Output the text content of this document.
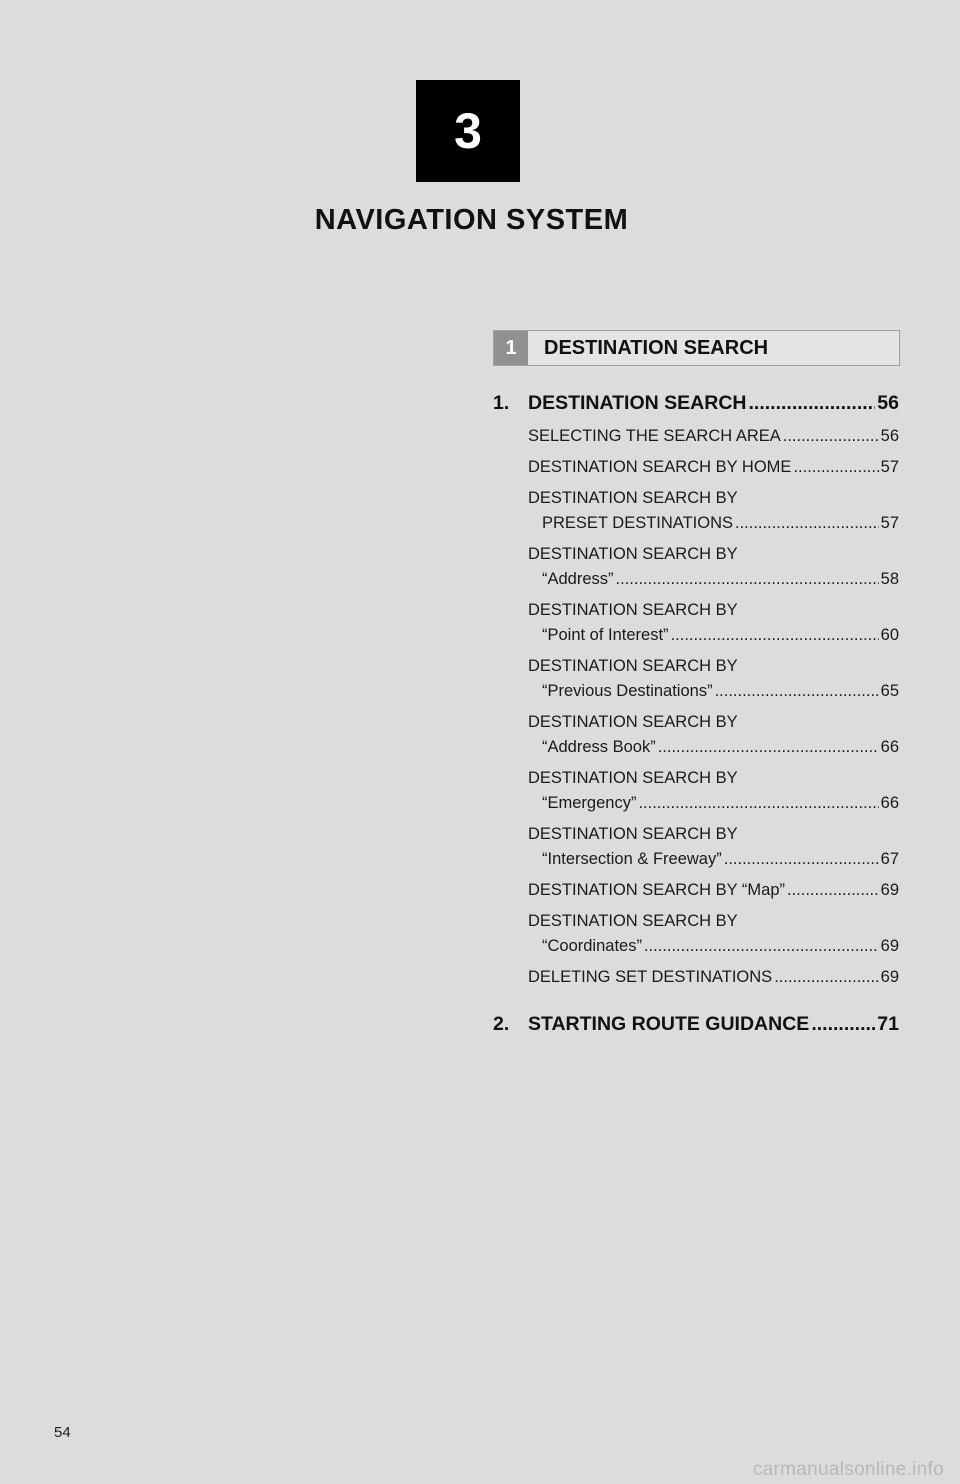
3
NAVIGATION SYSTEM
1	DESTINATION SEARCH
1. DESTINATION SEARCH .....	56
SELECTING THE SEARCH AREA .....	56
DESTINATION SEARCH BY HOME .....	57
DESTINATION SEARCH BY
PRESET DESTINATIONS .....	57
DESTINATION SEARCH BY
“Address” .....	58
DESTINATION SEARCH BY
“Point of Interest” .....	60
DESTINATION SEARCH BY
“Previous Destinations” .....	65
DESTINATION SEARCH BY
“Address Book” .....	66
DESTINATION SEARCH BY
“Emergency” .....	66
DESTINATION SEARCH BY
“Intersection & Freeway” .....	67
DESTINATION SEARCH BY “Map” .....	69
DESTINATION SEARCH BY
“Coordinates” .....	69
DELETING SET DESTINATIONS .....	69
2. STARTING ROUTE GUIDANCE .....	71
54
carmanualsonline.info
